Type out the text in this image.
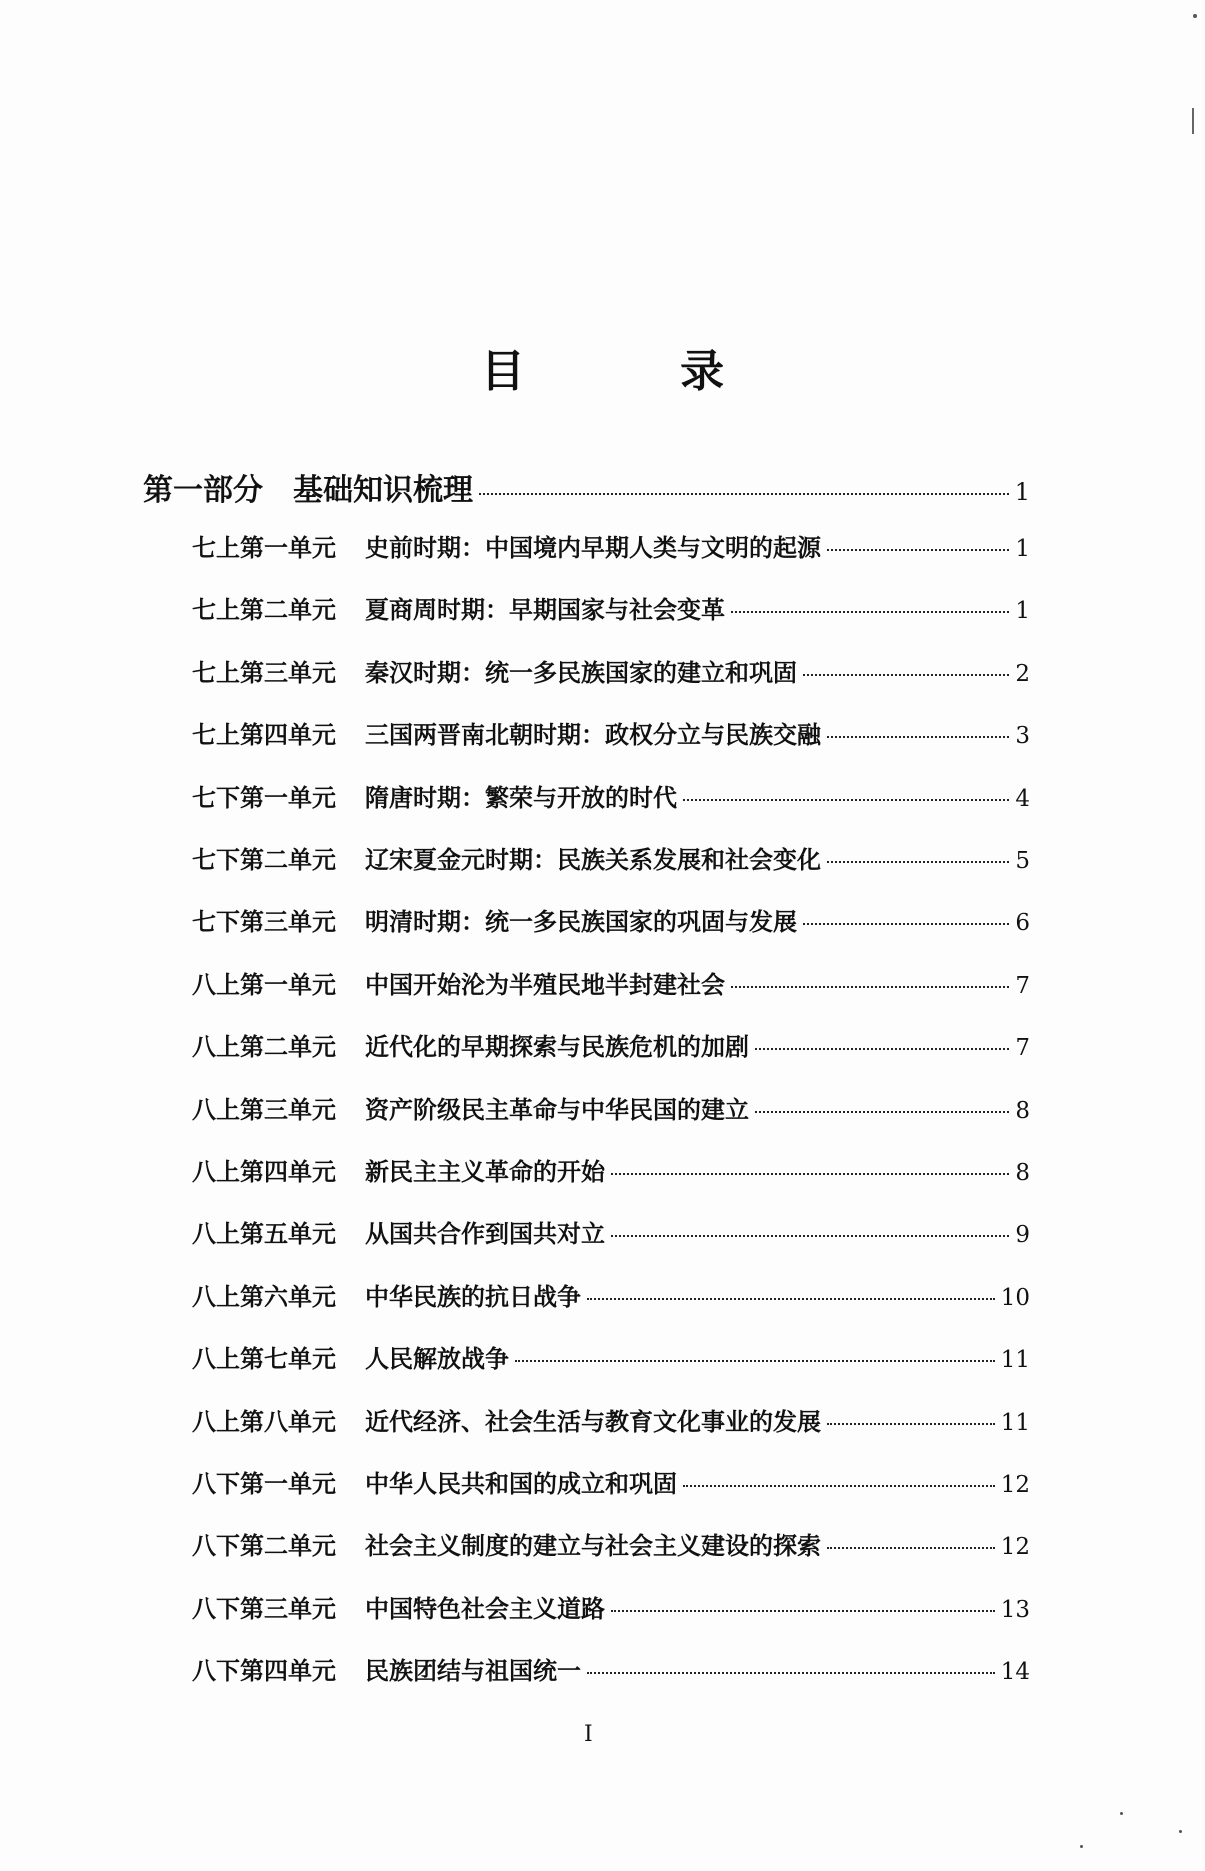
目 录
第一部分 基础知识梳理	1
七上第一单元	史前时期：中国境内早期人类与文明的起源	1
七上第二单元	夏商周时期：早期国家与社会变革	1
七上第三单元	秦汉时期：统一多民族国家的建立和巩固	2
七上第四单元	三国两晋南北朝时期：政权分立与民族交融	3
七下第一单元	隋唐时期：繁荣与开放的时代	4
七下第二单元	辽宋夏金元时期：民族关系发展和社会变化	5
七下第三单元	明清时期：统一多民族国家的巩固与发展	6
八上第一单元	中国开始沦为半殖民地半封建社会	7
八上第二单元	近代化的早期探索与民族危机的加剧	7
八上第三单元	资产阶级民主革命与中华民国的建立	8
八上第四单元	新民主主义革命的开始	8
八上第五单元	从国共合作到国共对立	9
八上第六单元	中华民族的抗日战争	10
八上第七单元	人民解放战争	11
八上第八单元	近代经济、社会生活与教育文化事业的发展	11
八下第一单元	中华人民共和国的成立和巩固	12
八下第二单元	社会主义制度的建立与社会主义建设的探索	12
八下第三单元	中国特色社会主义道路	13
八下第四单元	民族团结与祖国统一	14
I
